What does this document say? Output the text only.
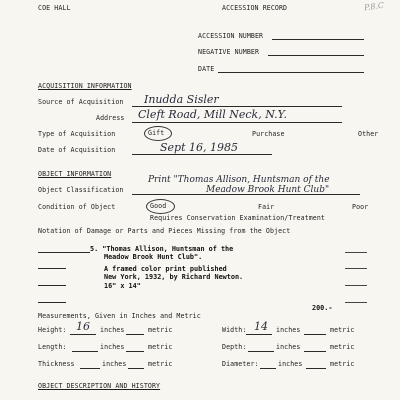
COE HALL	ACCESSION RECORD	P.8.C
ACCESSION NUMBER
NEGATIVE NUMBER
DATE
ACQUISITION INFORMATION
Source of Acquisition Inudda Sisler
Address Cleft Road, Mill Neck, N.Y.
Type of Acquisition	Gift	Purchase	Other
Date of Acquisition	Sept 16, 1985
OBJECT INFORMATION
Object Classification
Print "Thomas Allison, Huntsman of the
Meadow Brook Hunt Club"
Condition of Object	Good	Fair	Poor
Requires Conservation Examination/Treatment
Notation of Damage or Parts and Pieces Missing from the Object
5. "Thomas Allison, Huntsman of the
Meadow Brook Hunt Club".
A framed color print published
New York, 1932, by Richard Newton.
16" x 14"
200.-
Measurements, Given in Inches and Metric
Height: 16 inches	metric	Width: 14 inches	metric
Length:	inches	metric	Depth:	inches	metric
Thickness	inches	metric	Diameter:	inches	metric
OBJECT DESCRIPTION AND HISTORY
